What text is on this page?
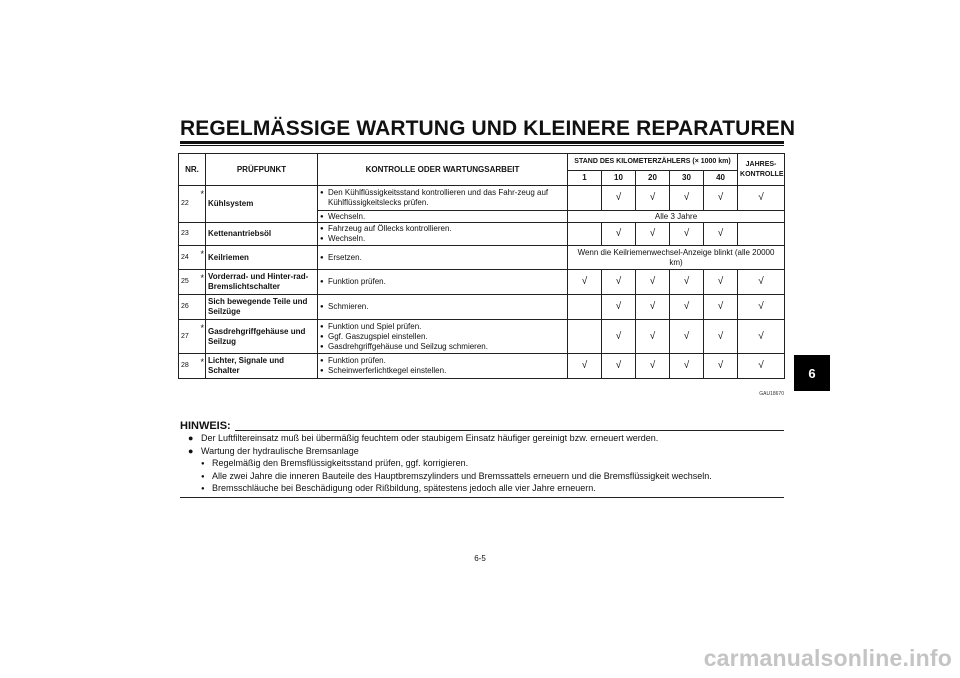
REGELMÄSSIGE WARTUNG UND KLEINERE REPARATUREN
6
NR.		PRÜFPUNKT	KONTROLLE ODER WARTUNGSARBEIT	STAND DES KILOMETERZÄHLERS (× 1000 km)					JAHRES-
KONTROLLE
				1	10	20	30	40	
22	*	Kühlsystem	● Den Kühlflüssigkeitsstand kontrollieren und das Fahr-zeug auf Kühlflüssigkeitslecks prüfen.		√	√	√	√	√

			● Wechseln.	Alle 3 Jahre					
23		Kettenantriebsöl	● Fahrzeug auf Öllecks kontrollieren.
● Wechseln.		√	√	√	√	
24	*	Keilriemen	● Ersetzen.	Wenn die Keilriemenwechsel-Anzeige blinkt (alle 20000 km)					
25	*	Vorderrad- und Hinter-rad-Bremslichtschalter	● Funktion prüfen.	√	√	√	√	√	√
26		Sich bewegende Teile und Seilzüge	● Schmieren.		√	√	√	√	√
27	*	Gasdrehgriffgehäuse und Seilzug	● Funktion und Spiel prüfen.
● Ggf. Gaszugspiel einstellen.
● Gasdrehgriffgehäuse und Seilzug schmieren.		√	√	√	√	√
28	*	Lichter, Signale und Schalter	● Funktion prüfen.
● Scheinwerferlichtkegel einstellen.	√	√	√	√	√	√
GAU18670
HINWEIS:
● Der Luftfiltereinsatz muß bei übermäßig feuchtem oder staubigem Einsatz häufiger gereinigt bzw. erneuert werden.
● Wartung der hydraulische Bremsanlage
● Regelmäßig den Bremsflüssigkeitsstand prüfen, ggf. korrigieren.
● Alle zwei Jahre die inneren Bauteile des Hauptbremszylinders und Bremssattels erneuern und die Bremsflüssigkeit wechseln.
● Bremsschläuche bei Beschädigung oder Rißbildung, spätestens jedoch alle vier Jahre erneuern.
6-5
carmanualsonline.info
